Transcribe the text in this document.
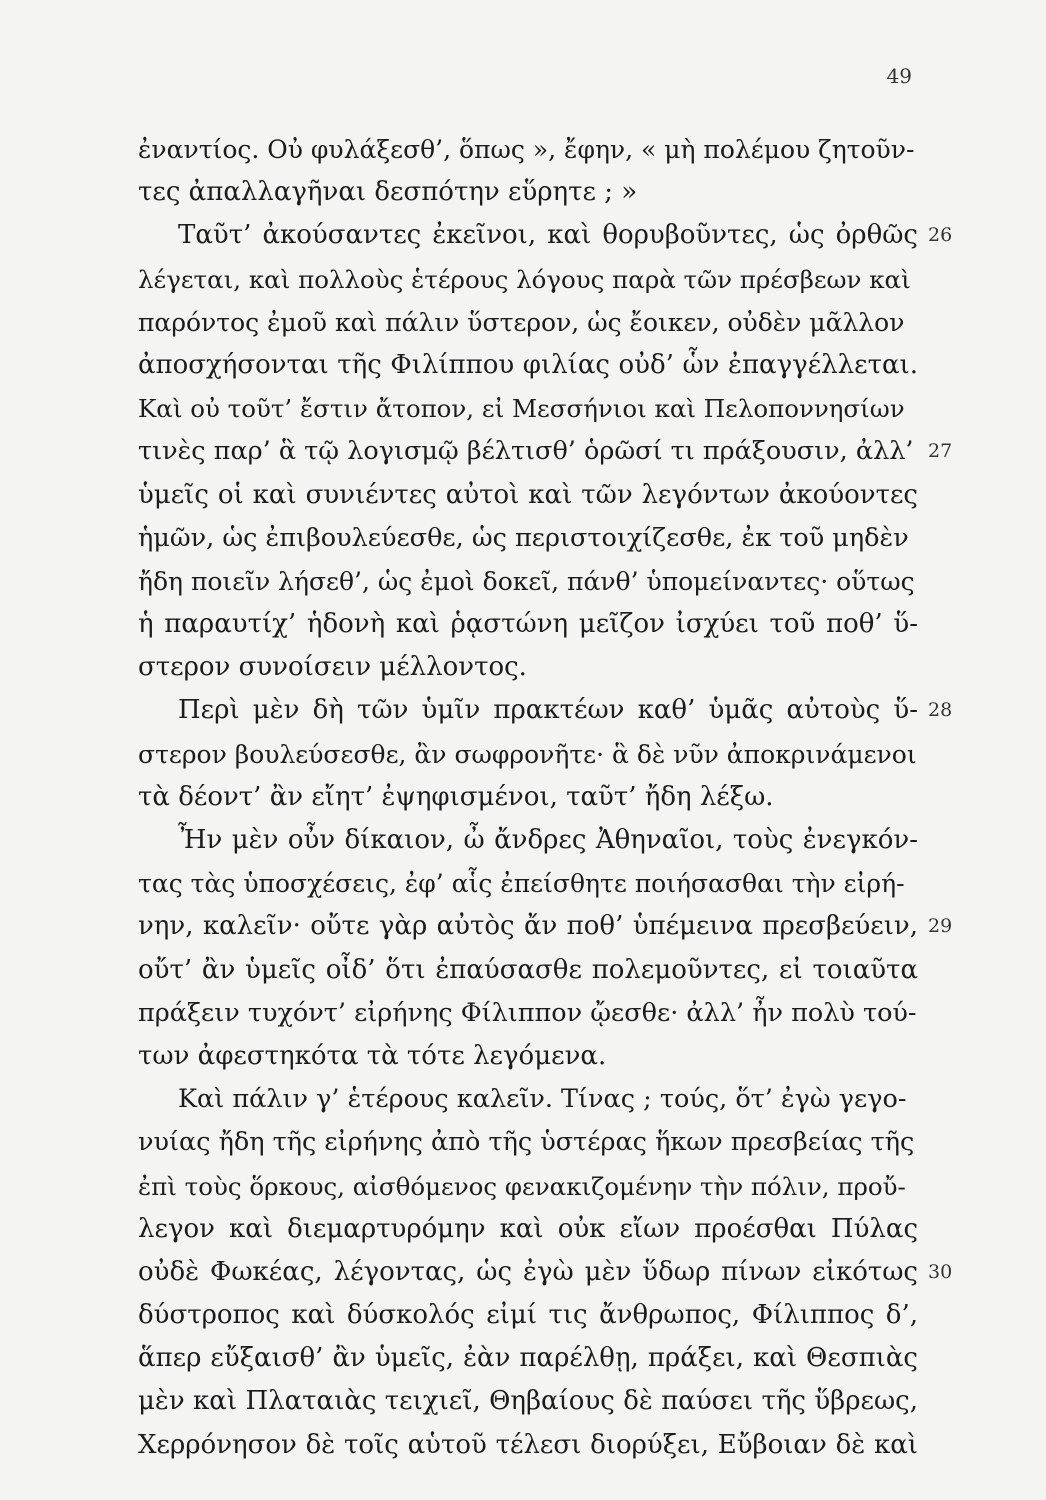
49
ἐναντίος. Οὐ φυλάξεσθ’, ὅπως », ἔφην, « μὴ πολέμου ζητοῦν-
τες ἀπαλλαγῆναι δεσπότην εὕρητε ; »
Ταῦτ’ ἀκούσαντες ἐκεῖνοι, καὶ θορυβοῦντες, ὡς ὀρθῶς 26
λέγεται, καὶ πολλοὺς ἑτέρους λόγους παρὰ τῶν πρέσβεων καὶ
παρόντος ἐμοῦ καὶ πάλιν ὕστερον, ὡς ἔοικεν, οὐδὲν μᾶλλον
ἀποσχήσονται τῆς Φιλίππου φιλίας οὐδ’ ὧν ἐπαγγέλλεται.
Καὶ οὐ τοῦτ’ ἔστιν ἄτοπον, εἰ Μεσσήνιοι καὶ Πελοποννησίων
τινὲς παρ’ ἃ τῷ λογισμῷ βέλτισθ’ ὁρῶσί τι πράξουσιν, ἀλλ’ 27
ὑμεῖς οἱ καὶ συνιέντες αὐτοὶ καὶ τῶν λεγόντων ἀκούοντες
ἡμῶν, ὡς ἐπιβουλεύεσθε, ὡς περιστοιχίζεσθε, ἐκ τοῦ μηδὲν
ἤδη ποιεῖν λήσεθ’, ὡς ἐμοὶ δοκεῖ, πάνθ’ ὑπομείναντες· οὕτως
ἡ παραυτίχ’ ἡδονὴ καὶ ῥᾳστώνη μεῖζον ἰσχύει τοῦ ποθ’ ὕ-
στερον συνοίσειν μέλλοντος.
Περὶ μὲν δὴ τῶν ὑμῖν πρακτέων καθ’ ὑμᾶς αὐτοὺς ὕ- 28
στερον βουλεύσεσθε, ἂν σωφρονῆτε· ἃ δὲ νῦν ἀποκρινάμενοι
τὰ δέοντ’ ἂν εἴητ’ ἐψηφισμένοι, ταῦτ’ ἤδη λέξω.
Ἦν μὲν οὖν δίκαιον, ὦ ἄνδρες Ἀθηναῖοι, τοὺς ἐνεγκόν-
τας τὰς ὑποσχέσεις, ἐφ’ αἷς ἐπείσθητε ποιήσασθαι τὴν εἰρή-
νην, καλεῖν· οὔτε γὰρ αὐτὸς ἄν ποθ’ ὑπέμεινα πρεσβεύειν, 29
οὔτ’ ἂν ὑμεῖς οἶδ’ ὅτι ἐπαύσασθε πολεμοῦντες, εἰ τοιαῦτα
πράξειν τυχόντ’ εἰρήνης Φίλιππον ᾤεσθε· ἀλλ’ ἦν πολὺ τού-
των ἀφεστηκότα τὰ τότε λεγόμενα.
Καὶ πάλιν γ’ ἑτέρους καλεῖν. Τίνας ; τούς, ὅτ’ ἐγὼ γεγο-
νυίας ἤδη τῆς εἰρήνης ἀπὸ τῆς ὑστέρας ἥκων πρεσβείας τῆς
ἐπὶ τοὺς ὅρκους, αἰσθόμενος φενακιζομένην τὴν πόλιν, προὔ-
λεγον καὶ διεμαρτυρόμην καὶ οὐκ εἴων προέσθαι Πύλας
οὐδὲ Φωκέας, λέγοντας, ὡς ἐγὼ μὲν ὕδωρ πίνων εἰκότως 30
δύστροπος καὶ δύσκολός εἰμί τις ἄνθρωπος, Φίλιππος δ’,
ἅπερ εὔξαισθ’ ἂν ὑμεῖς, ἐὰν παρέλθῃ, πράξει, καὶ Θεσπιὰς
μὲν καὶ Πλαταιὰς τειχιεῖ, Θηβαίους δὲ παύσει τῆς ὕβρεως,
Χερρόνησον δὲ τοῖς αὑτοῦ τέλεσι διορύξει, Εὔβοιαν δὲ καὶ
